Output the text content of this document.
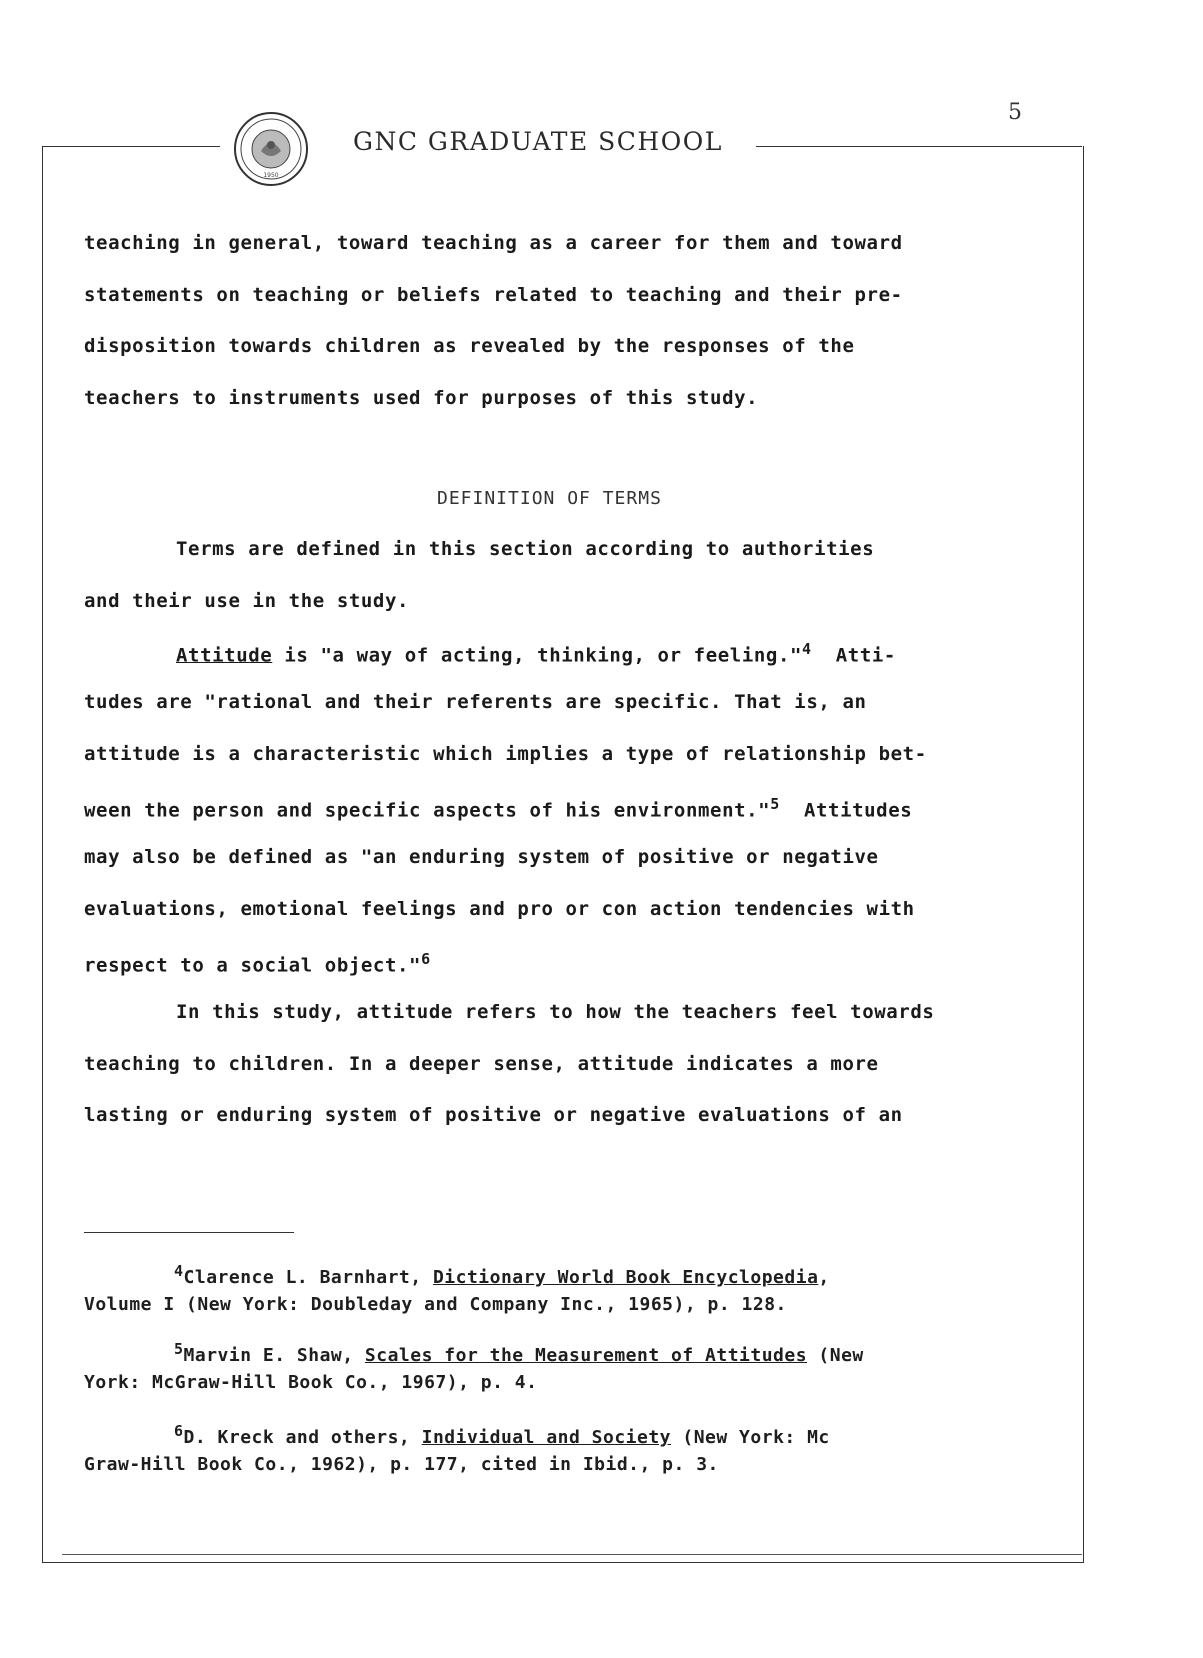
5
1950
GNC GRADUATE SCHOOL
teaching in general, toward teaching as a career for them and toward
statements on teaching or beliefs related to teaching and their pre-
disposition towards children as revealed by the responses of the
teachers to instruments used for purposes of this study.
DEFINITION OF TERMS
Terms are defined in this section according to authorities
and their use in the study.
Attitude is "a way of acting, thinking, or feeling."$^4$ Atti-
tudes are "rational and their referents are specific. That is, an
attitude is a characteristic which implies a type of relationship bet-
ween the person and specific aspects of his environment."$^5$ Attitudes
may also be defined as "an enduring system of positive or negative
evaluations, emotional feelings and pro or con action tendencies with
respect to a social object."$^6$
In this study, attitude refers to how the teachers feel towards
teaching to children. In a deeper sense, attitude indicates a more
lasting or enduring system of positive or negative evaluations of an
$^4$Clarence L. Barnhart, Dictionary World Book Encyclopedia,
Volume I (New York: Doubleday and Company Inc., 1965), p. 128.
$^5$Marvin E. Shaw, Scales for the Measurement of Attitudes (New
York: McGraw-Hill Book Co., 1967), p. 4.
$^6$D. Kreck and others, Individual and Society (New York: Mc
Graw-Hill Book Co., 1962), p. 177, cited in Ibid., p. 3.
